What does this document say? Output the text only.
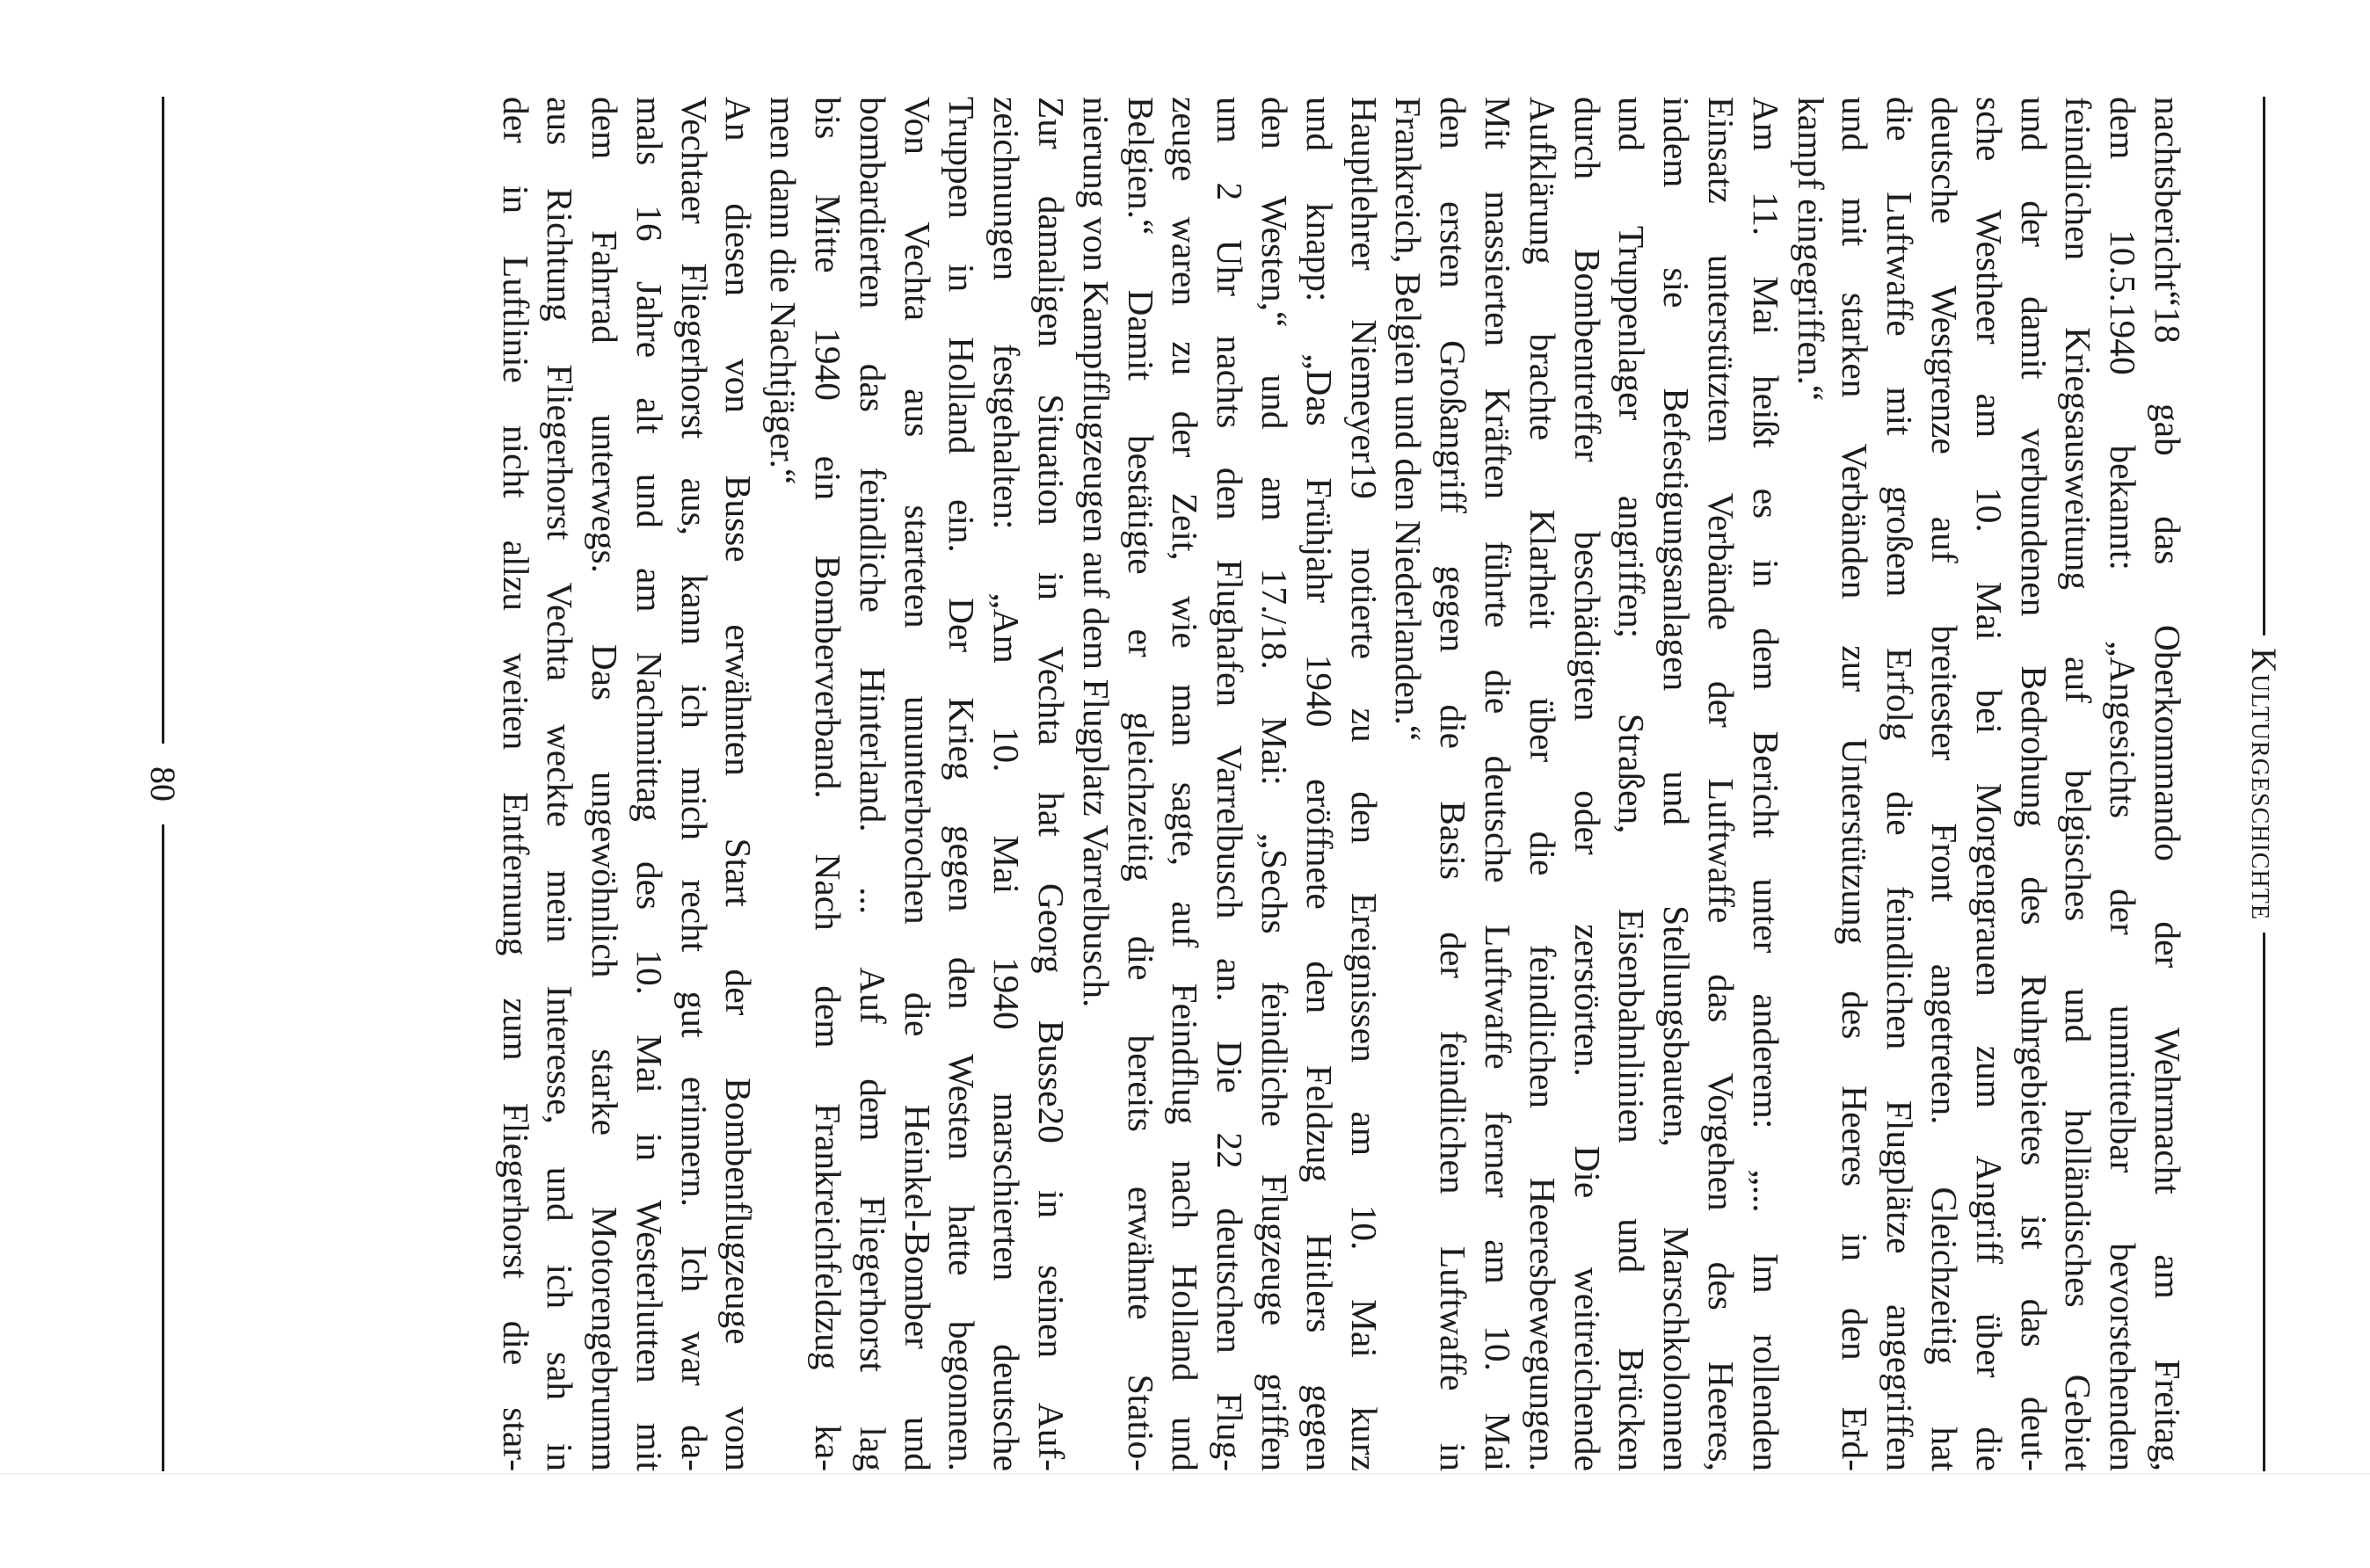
Kulturgeschichte
nachtsbericht“18 gab das Oberkommando der Wehrmacht am Freitag,
dem 10.5.1940 bekannt: „Angesichts der unmittelbar bevorstehenden
feindlichen Kriegsausweitung auf belgisches und holländisches Gebiet
und der damit verbundenen Bedrohung des Ruhrgebietes ist das deut-
sche Westheer am 10. Mai bei Morgengrauen zum Angriff über die
deutsche Westgrenze auf breitester Front angetreten. Gleichzeitig hat
die Luftwaffe mit großem Erfolg die feindlichen Flugplätze angegriffen
und mit starken Verbänden zur Unterstützung des Heeres in den Erd-
kampf eingegriffen.“
Am 11. Mai heißt es in dem Bericht unter anderem: „... Im rollenden
Einsatz unterstützten Verbände der Luftwaffe das Vorgehen des Heeres,
indem sie Befestigungsanlagen und Stellungsbauten, Marschkolonnen
und Truppenlager angriffen; Straßen, Eisenbahnlinien und Brücken
durch Bombentreffer beschädigten oder zerstörten. Die weitreichende
Aufklärung brachte Klarheit über die feindlichen Heeresbewegungen.
Mit massierten Kräften führte die deutsche Luftwaffe ferner am 10. Mai
den ersten Großangriff gegen die Basis der feindlichen Luftwaffe in
Frankreich, Belgien und den Niederlanden.“
Hauptlehrer Niemeyer19 notierte zu den Ereignissen am 10. Mai kurz
und knapp: „Das Frühjahr 1940 eröffnete den Feldzug Hitlers gegen
den Westen,“ und am 17./18. Mai: „Sechs feindliche Flugzeuge griffen
um 2 Uhr nachts den Flughafen Varrelbusch an. Die 22 deutschen Flug-
zeuge waren zu der Zeit, wie man sagte, auf Feindflug nach Holland und
Belgien.“ Damit bestätigte er gleichzeitig die bereits erwähnte Statio-
nierung von Kampfflugzeugen auf dem Flugplatz Varrelbusch.
Zur damaligen Situation in Vechta hat Georg Busse20 in seinen Auf-
zeichnungen festgehalten: „Am 10. Mai 1940 marschierten deutsche
Truppen in Holland ein. Der Krieg gegen den Westen hatte begonnen.
Von Vechta aus starteten ununterbrochen die Heinkel-Bomber und
bombardierten das feindliche Hinterland. ... Auf dem Fliegerhorst lag
bis Mitte 1940 ein Bomberverband. Nach dem Frankreichfeldzug ka-
men dann die Nachtjäger.“
An diesen von Busse erwähnten Start der Bombenflugzeuge vom
Vechtaer Fliegerhorst aus, kann ich mich recht gut erinnern. Ich war da-
mals 16 Jahre alt und am Nachmittag des 10. Mai in Westerlutten mit
dem Fahrrad unterwegs. Das ungewöhnlich starke Motorengebrumm
aus Richtung Fliegerhorst Vechta weckte mein Interesse, und ich sah in
der in Luftlinie nicht allzu weiten Entfernung zum Fliegerhorst die star-
80
